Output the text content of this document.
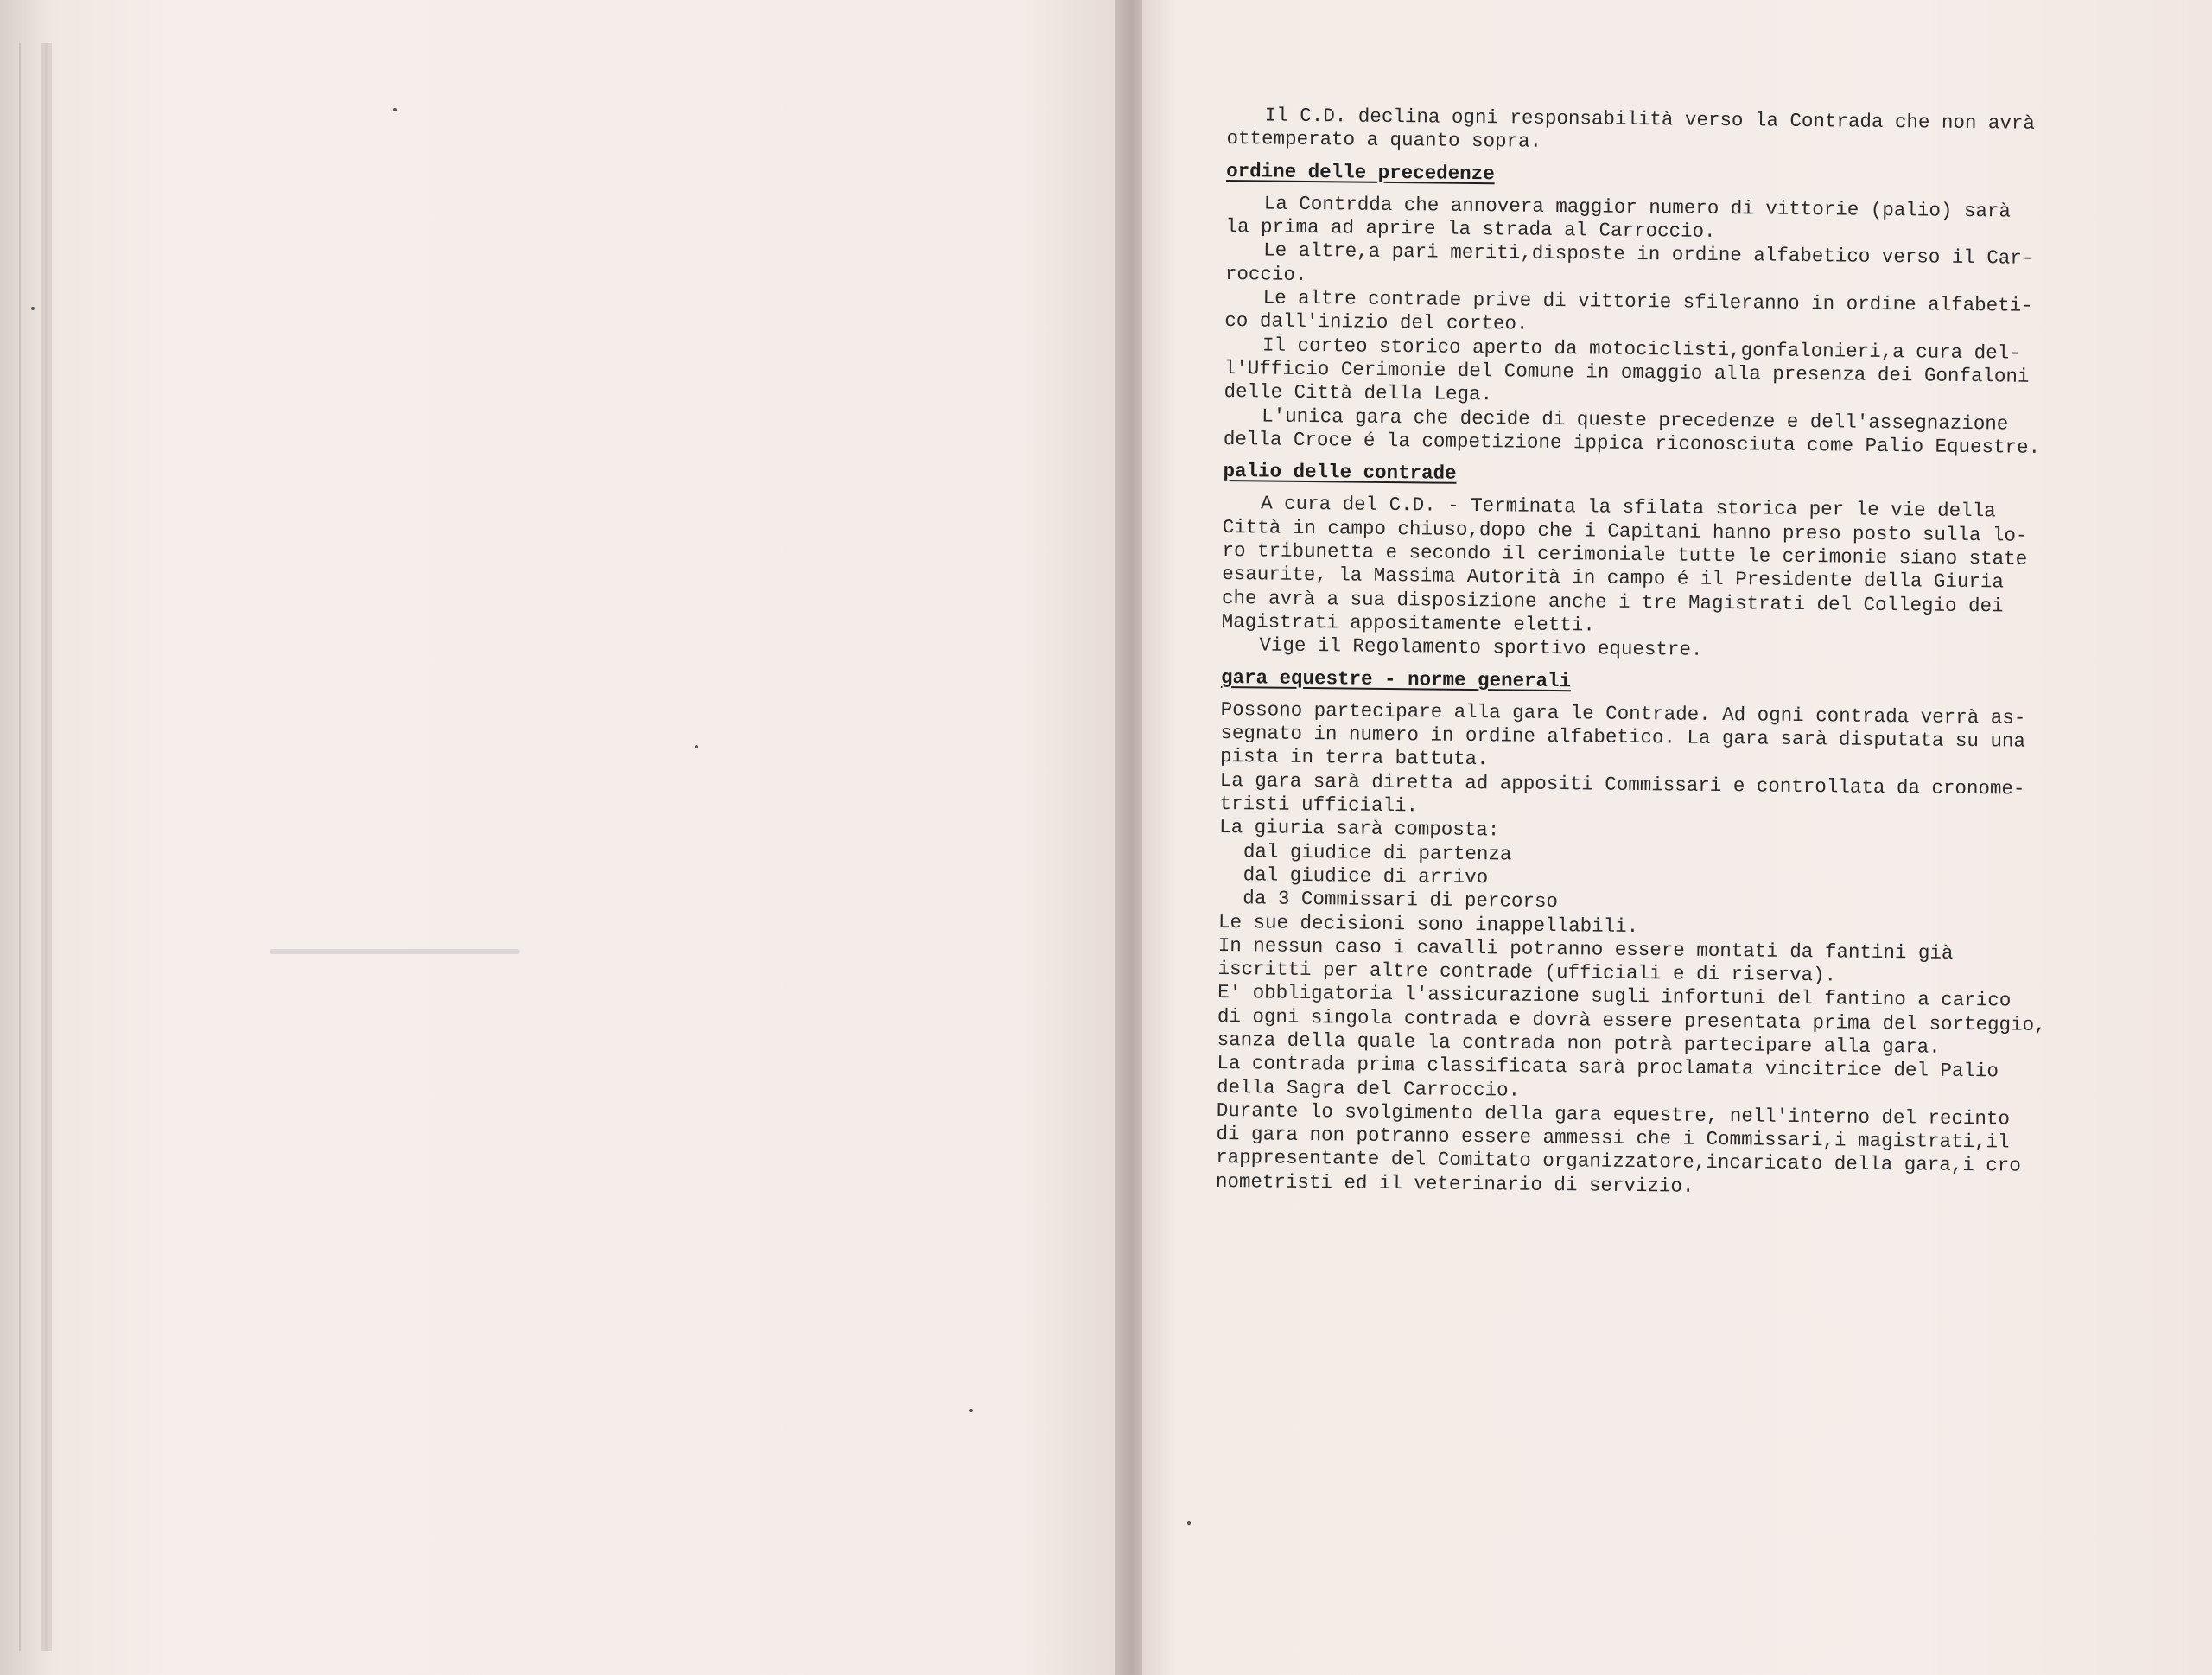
Il C.D. declina ogni responsabilità verso la Contrada che non avrà
ottemperato a quanto sopra.
ordine delle precedenze
La Contrdda che annovera maggior numero di vittorie (palio) sarà
la prima ad aprire la strada al Carroccio.
Le altre,a pari meriti,disposte in ordine alfabetico verso il Car-
roccio.
Le altre contrade prive di vittorie sfileranno in ordine alfabeti-
co dall'inizio del corteo.
Il corteo storico aperto da motociclisti,gonfalonieri,a cura del-
l'Ufficio Cerimonie del Comune in omaggio alla presenza dei Gonfaloni
delle Città della Lega.
L'unica gara che decide di queste precedenze e dell'assegnazione
della Croce é la competizione ippica riconosciuta come Palio Equestre.
palio delle contrade
A cura del C.D. - Terminata la sfilata storica per le vie della
Città in campo chiuso,dopo che i Capitani hanno preso posto sulla lo-
ro tribunetta e secondo il cerimoniale tutte le cerimonie siano state
esaurite, la Massima Autorità in campo é il Presidente della Giuria
che avrà a sua disposizione anche i tre Magistrati del Collegio dei
Magistrati appositamente eletti.
Vige il Regolamento sportivo equestre.
gara equestre - norme generali
Possono partecipare alla gara le Contrade. Ad ogni contrada verrà as-
segnato in numero in ordine alfabetico. La gara sarà disputata su una
pista in terra battuta.
La gara sarà diretta ad appositi Commissari e controllata da cronome-
tristi ufficiali.
La giuria sarà composta:
dal giudice di partenza
dal giudice di arrivo
da 3 Commissari di percorso
Le sue decisioni sono inappellabili.
In nessun caso i cavalli potranno essere montati da fantini già
iscritti per altre contrade (ufficiali e di riserva).
E' obbligatoria l'assicurazione sugli infortuni del fantino a carico
di ogni singola contrada e dovrà essere presentata prima del sorteggio,
sanza della quale la contrada non potrà partecipare alla gara.
La contrada prima classificata sarà proclamata vincitrice del Palio
della Sagra del Carroccio.
Durante lo svolgimento della gara equestre, nell'interno del recinto
di gara non potranno essere ammessi che i Commissari,i magistrati,il
rappresentante del Comitato organizzatore,incaricato della gara,i cro
nometristi ed il veterinario di servizio.
